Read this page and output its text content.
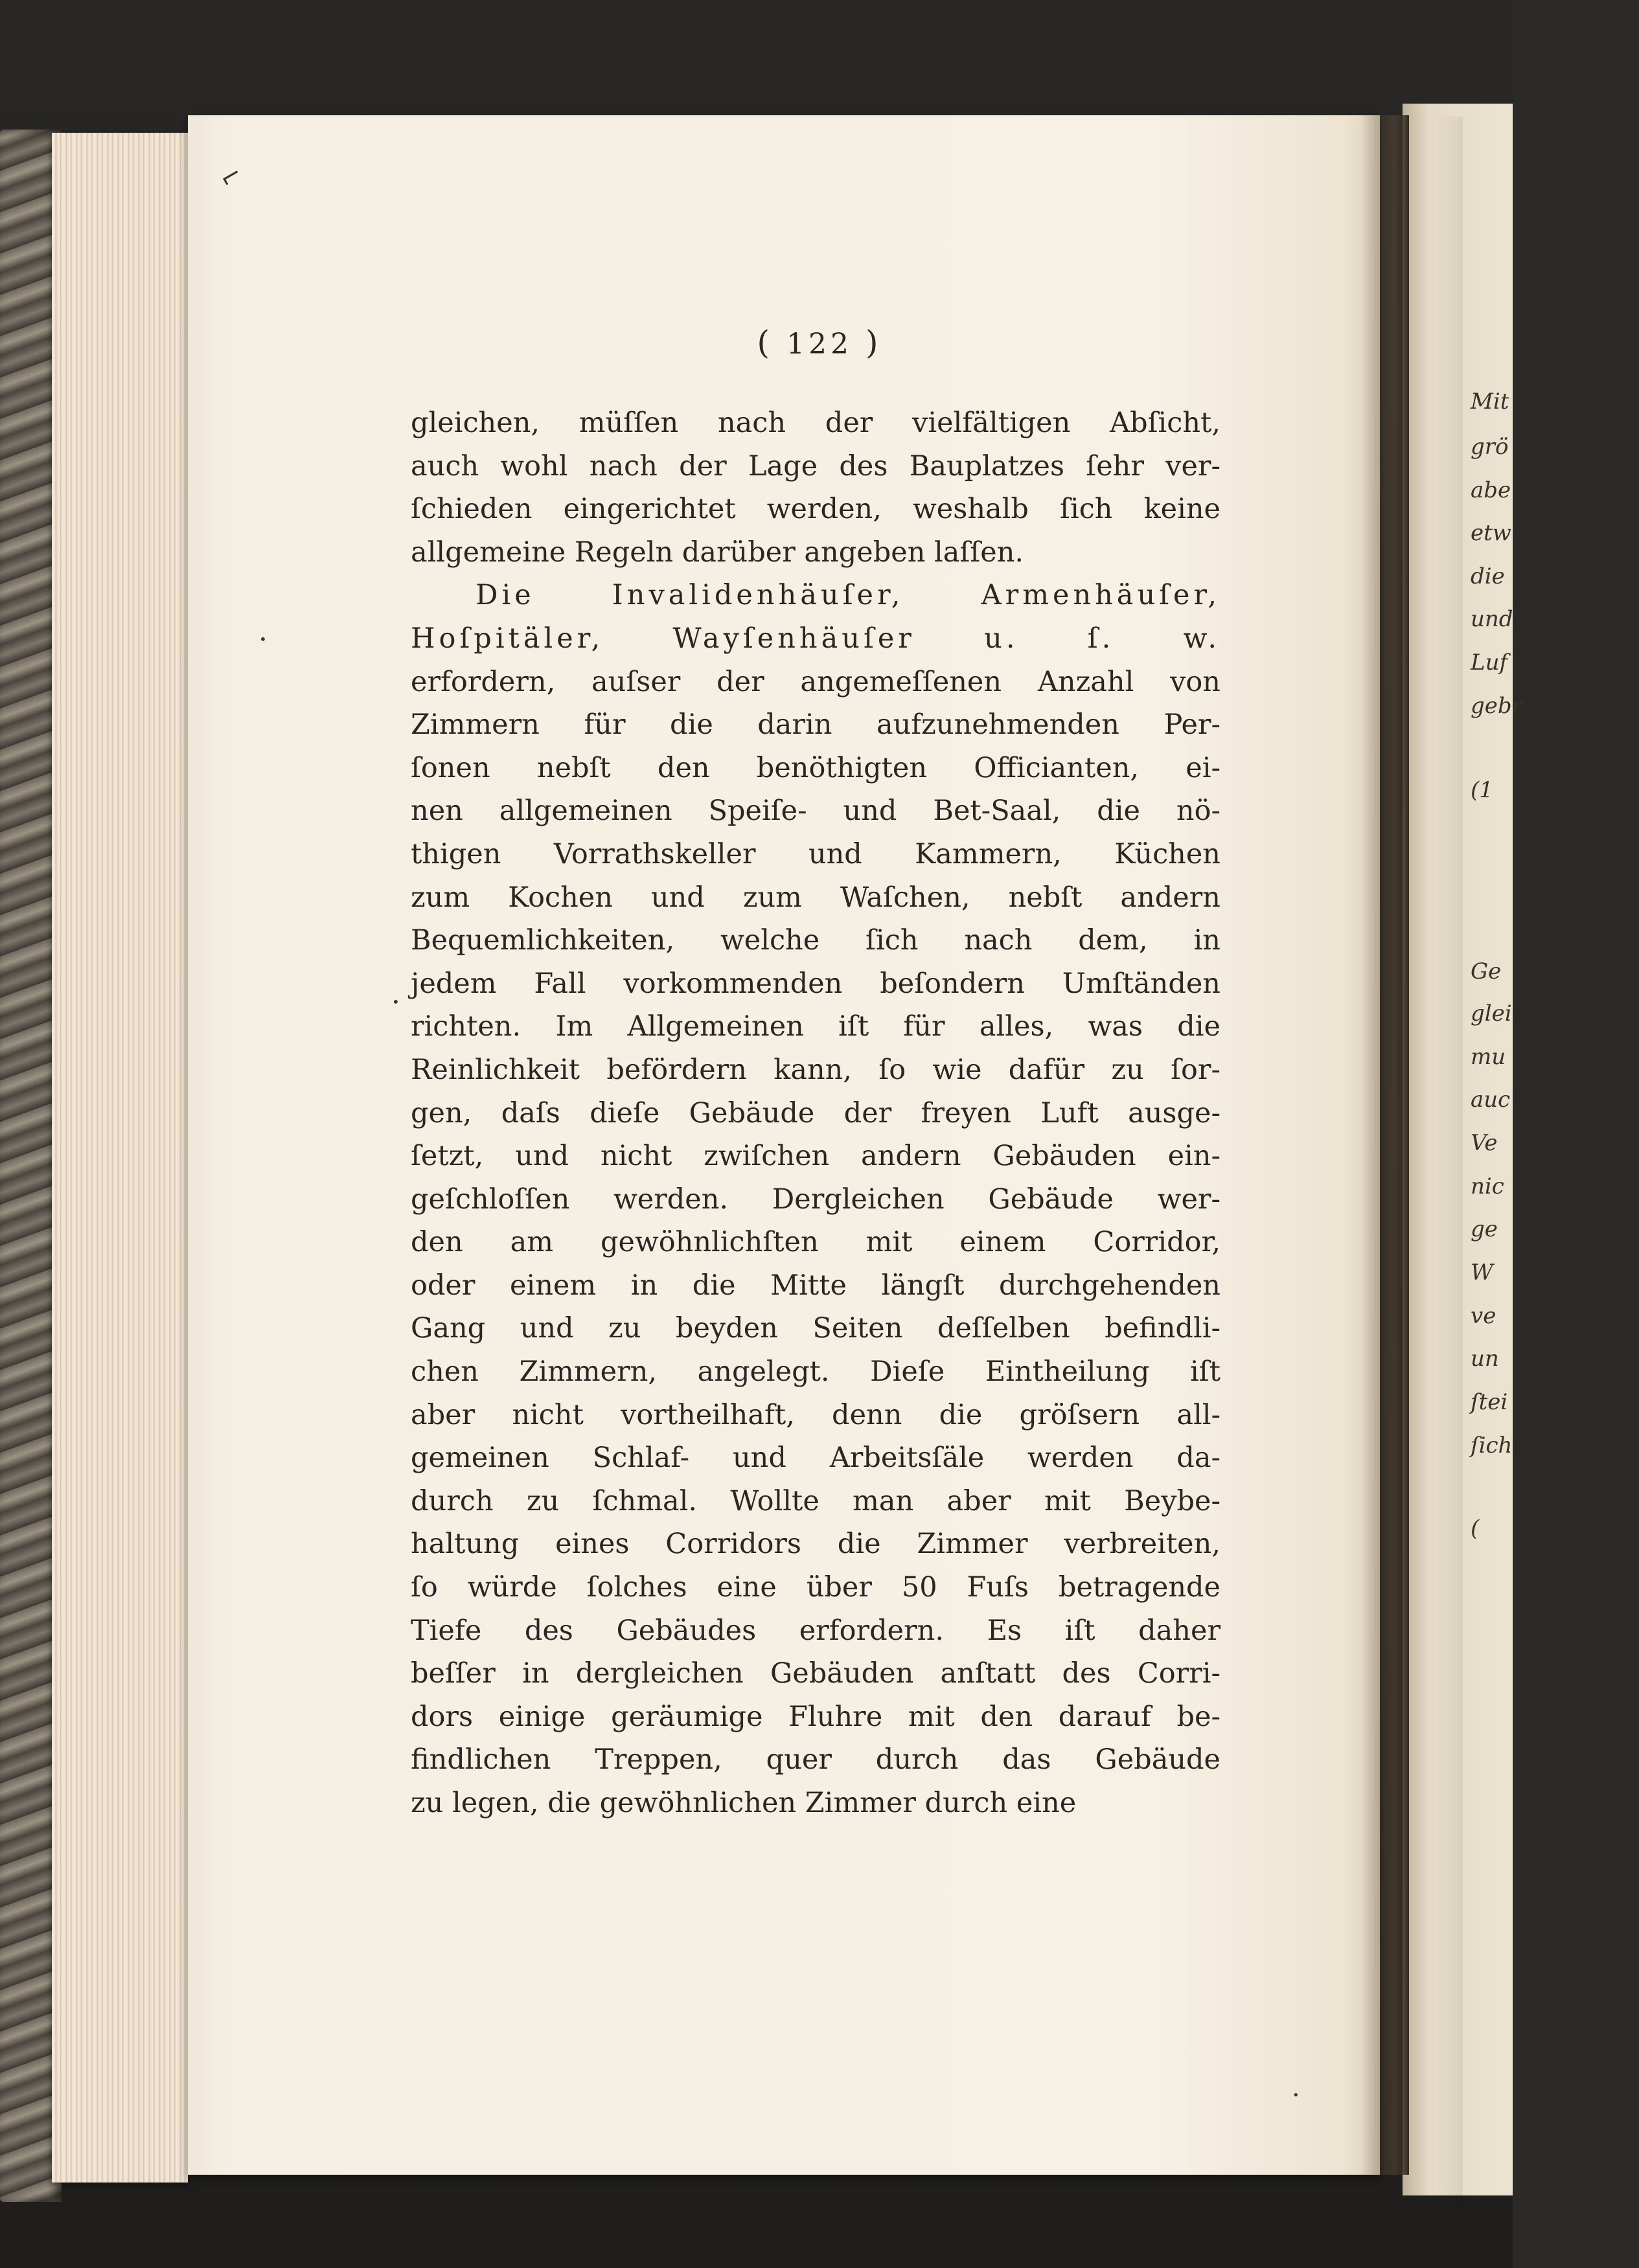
( 122 )
gleichen, müſſen nach der vielfältigen Abſicht,
auch wohl nach der Lage des Bauplatzes ſehr ver-
ſchieden eingerichtet werden, weshalb ſich keine
allgemeine Regeln darüber angeben laſſen.
Die Invalidenhäuſer, Armenhäuſer,
Hoſpitäler, Wayſenhäuſer u. ſ. w.
erfordern, auſser der angemeſſenen Anzahl von
Zimmern für die darin aufzunehmenden Per-
ſonen nebſt den benöthigten Officianten, ei-
nen allgemeinen Speiſe- und Bet-Saal, die nö-
thigen Vorrathskeller und Kammern, Küchen
zum Kochen und zum Waſchen, nebſt andern
Bequemlichkeiten, welche ſich nach dem, in
jedem Fall vorkommenden beſondern Umſtänden
richten. Im Allgemeinen iſt für alles, was die
Reinlichkeit befördern kann, ſo wie dafür zu ſor-
gen, daſs dieſe Gebäude der freyen Luft ausge-
ſetzt, und nicht zwiſchen andern Gebäuden ein-
geſchloſſen werden. Dergleichen Gebäude wer-
den am gewöhnlichſten mit einem Corridor,
oder einem in die Mitte längſt durchgehenden
Gang und zu beyden Seiten deſſelben befindli-
chen Zimmern, angelegt. Dieſe Eintheilung iſt
aber nicht vortheilhaft, denn die gröſsern all-
gemeinen Schlaf- und Arbeitsſäle werden da-
durch zu ſchmal. Wollte man aber mit Beybe-
haltung eines Corridors die Zimmer verbreiten,
ſo würde ſolches eine über 50 Fuſs betragende
Tiefe des Gebäudes erfordern. Es iſt daher
beſſer in dergleichen Gebäuden anſtatt des Corri-
dors einige geräumige Fluhre mit den darauf be-
findlichen Treppen, quer durch das Gebäude
zu legen, die gewöhnlichen Zimmer durch eine
Mit
grö
abe
etw
die
und
Luf
gebr
(1
Ge
glei
mu
auc
Ve
nic
ge
W
ve
un
ſtei
ſich
(
⌐
•
•
•
